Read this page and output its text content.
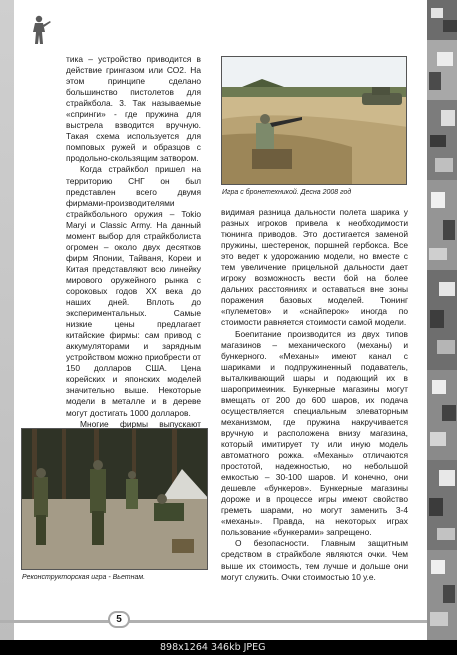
тика – устройство приводится в действие грингазом или СО2. На этом принципе сделано большинство пистолетов для страйкбола. 3. Так называемые «спринги» - где пружина для выстрела взводится вручную. Такая схема используется для помповых ружей и образцов с продольно-скользящим затвором.

Когда страйкбол пришел на территорию СНГ он был представлен всего двумя фирмами-производителями страйкбольного оружия – Tokio Maryi и Classic Army. На данный момент выбор для страйкболиста огромен – около двух десятков фирм Японии, Тайваня, Кореи и Китая представляют всю линейку мирового оружейного рынка с сороковых годов XX века до наших дней. Вплоть до экспериментальных. Самые низкие цены предлагает китайские фирмы: сам привод с аккумуляторами и зарядным устройством можно приобрести от 150 долларов США. Цена корейских и японских моделей значительно выше. Некоторые модели в металле и в дереве могут достигать 1000 долларов.

Многие фирмы выпускают

Игра с бронетехникой. Десна 2008 год

видимая разница дальности полета шарика у разных игроков привела к необходимости тюнинга приводов. Это достигается заменой пружины, шестеренок, поршней гербокса. Все это ведет к удорожанию модели, но вместе с тем увеличение прицельной дальности дает игроку возможность вести бой на более дальних расстояниях и оставаться вне зоны поражения базовых моделей. Тюнинг «пулеметов» и «снайперок» иногда по стоимости равняется стоимости самой модели.

Боепитание производится из двух типов магазинов – механического (механы) и бункерного. «Механы» имеют канал с шариками и подпружиненный подаватель, выталкивающий шары и подающий их в шаропримеиник. Бункерные магазины могут вмещать от 200 до 600 шаров, их подача осуществляется специальным элеваторным механизмом, где пружина накручивается вручную и расположена внизу магазина, который имитирует ту или иную модель автоматного рожка. «Механы» отличаются простотой, надежностью, но небольшой емкостью – 30-100 шаров. И конечно, они дешевле «бункеров». Бункерные магазины дороже и в процессе игры имеют свойство греметь шарами, но могут заменить 3-4 «механы». Правда, на некоторых играх пользование «бункерами» запрещено.

О безопасности. Главным защитным средством в страйкболе являются очки. Чем выше их стоимость, тем лучше и дольше они могут служить. Очки стоимостью 10 у.е.

Реконструкторская игра - Вьетнам.
5
898x1264 346kb JPEG
